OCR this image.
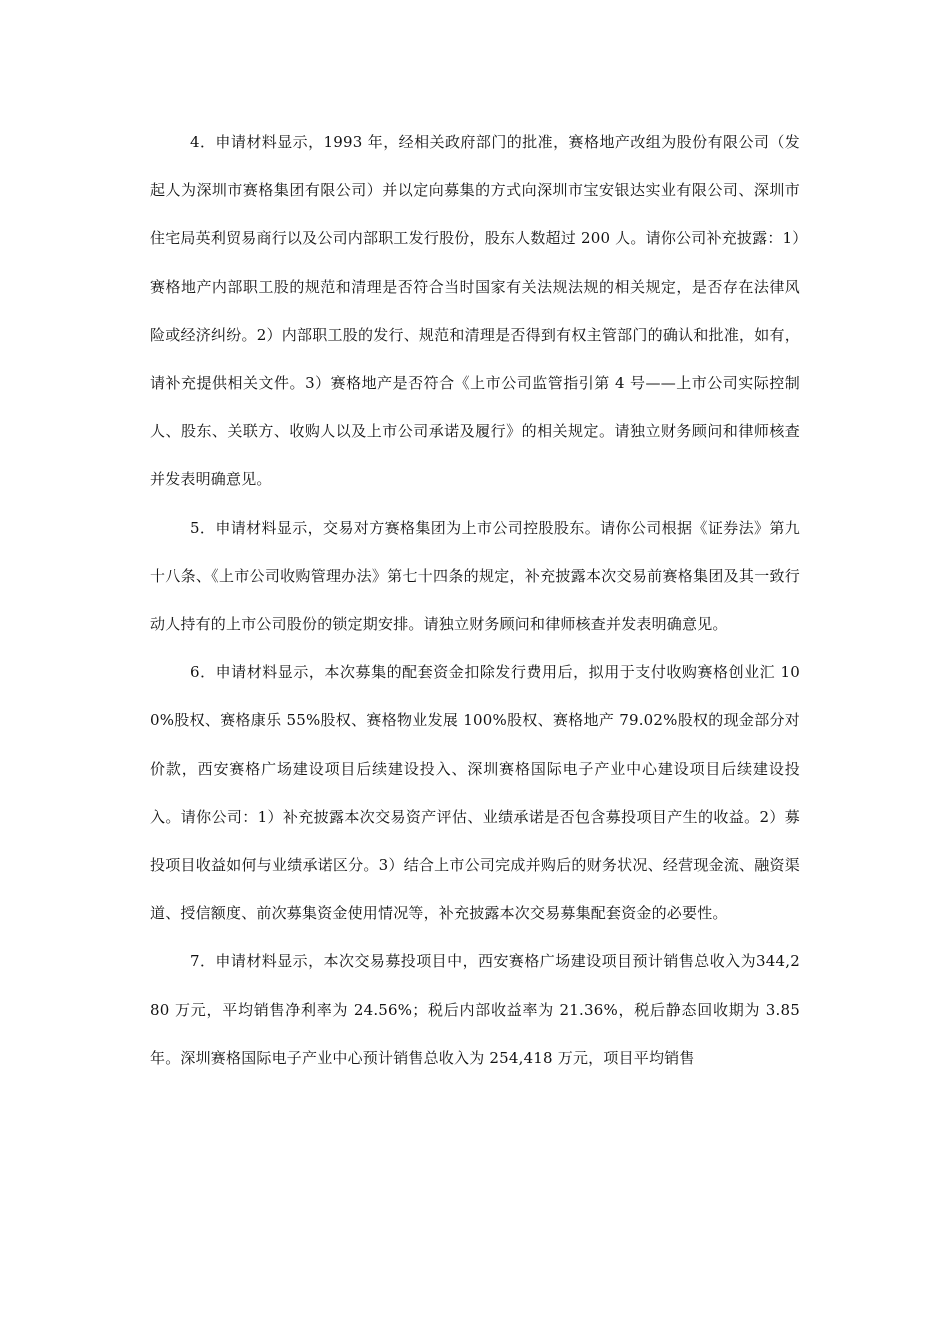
4．申请材料显示，1993 年，经相关政府部门的批准，赛格地产改组为股份有限公司（发起人为深圳市赛格集团有限公司）并以定向募集的方式向深圳市宝安银达实业有限公司、深圳市住宅局英利贸易商行以及公司内部职工发行股份，股东人数超过 200 人。请你公司补充披露：1）赛格地产内部职工股的规范和清理是否符合当时国家有关法规法规的相关规定，是否存在法律风险或经济纠纷。2）内部职工股的发行、规范和清理是否得到有权主管部门的确认和批准，如有，请补充提供相关文件。3）赛格地产是否符合《上市公司监管指引第 4 号——上市公司实际控制人、股东、关联方、收购人以及上市公司承诺及履行》的相关规定。请独立财务顾问和律师核查并发表明确意见。

5．申请材料显示，交易对方赛格集团为上市公司控股股东。请你公司根据《证券法》第九十八条、《上市公司收购管理办法》第七十四条的规定，补充披露本次交易前赛格集团及其一致行动人持有的上市公司股份的锁定期安排。请独立财务顾问和律师核查并发表明确意见。

6．申请材料显示，本次募集的配套资金扣除发行费用后，拟用于支付收购赛格创业汇 100%股权、赛格康乐 55%股权、赛格物业发展 100%股权、赛格地产 79.02%股权的现金部分对价款，西安赛格广场建设项目后续建设投入、深圳赛格国际电子产业中心建设项目后续建设投入。请你公司：1）补充披露本次交易资产评估、业绩承诺是否包含募投项目产生的收益。2）募投项目收益如何与业绩承诺区分。3）结合上市公司完成并购后的财务状况、经营现金流、融资渠道、授信额度、前次募集资金使用情况等，补充披露本次交易募集配套资金的必要性。

7．申请材料显示，本次交易募投项目中，西安赛格广场建设项目预计销售总收入为344,280 万元，平均销售净利率为 24.56%；税后内部收益率为 21.36%，税后静态回收期为 3.85 年。深圳赛格国际电子产业中心预计销售总收入为 254,418 万元，项目平均销售
